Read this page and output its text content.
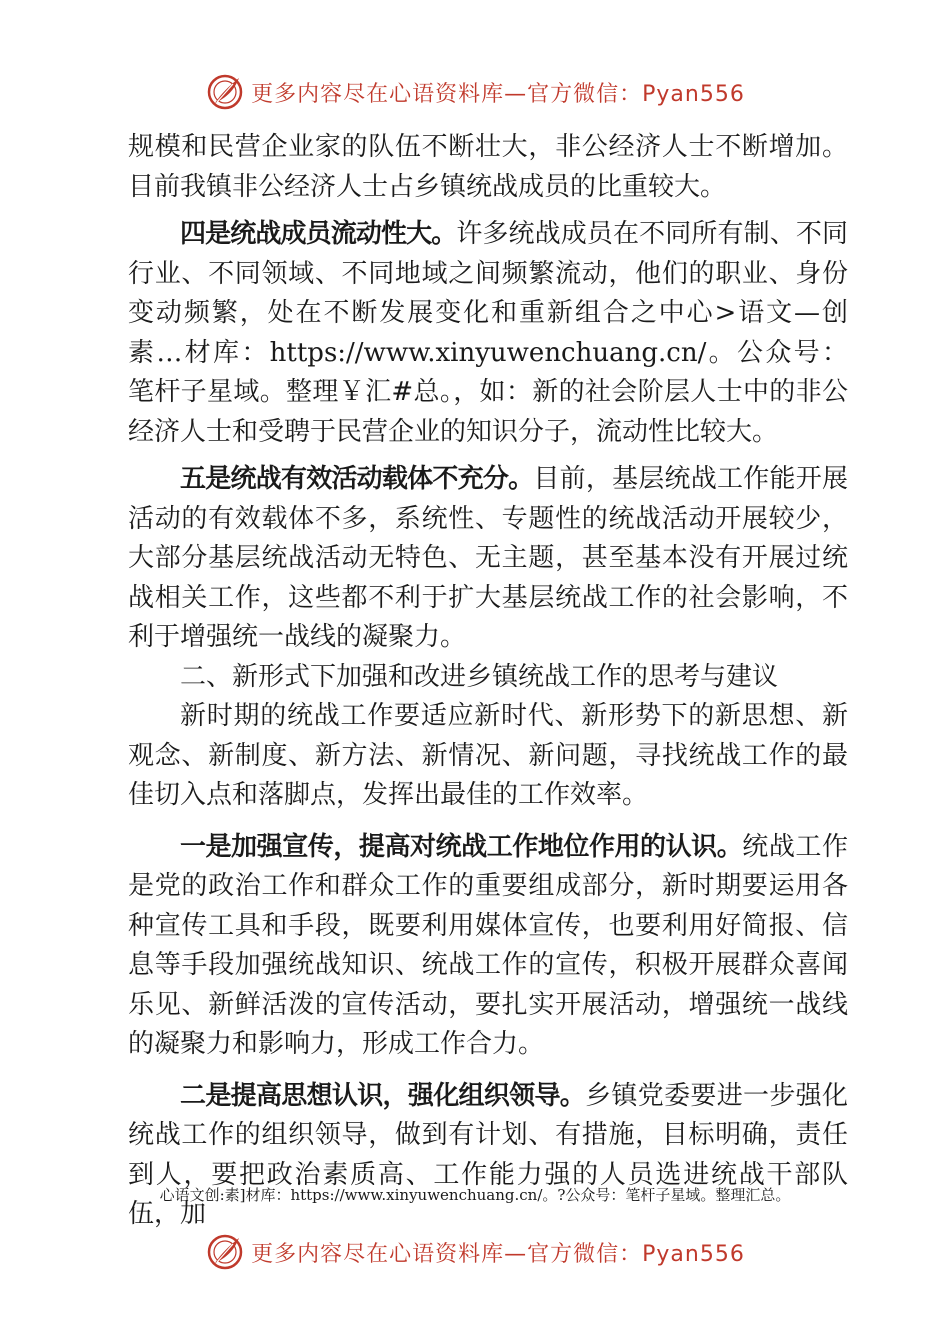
更多内容尽在心语资料库—官方微信：Pyan556

规模和民营企业家的队伍不断壮大，非公经济人士不断增加。目前我镇非公经济人士占乡镇统战成员的比重较大。

四是统战成员流动性大。许多统战成员在不同所有制、不同行业、不同领域、不同地域之间频繁流动，他们的职业、身份变动频繁，处在不断发展变化和重新组合之中心>语文—创素…材库：https://www.xinyuwenchuang.cn/。公众号：笔杆子星域。整理￥汇#总。，如：新的社会阶层人士中的非公经济人士和受聘于民营企业的知识分子，流动性比较大。

五是统战有效活动载体不充分。目前，基层统战工作能开展活动的有效载体不多，系统性、专题性的统战活动开展较少，大部分基层统战活动无特色、无主题，甚至基本没有开展过统战相关工作，这些都不利于扩大基层统战工作的社会影响，不利于增强统一战线的凝聚力。

二、新形式下加强和改进乡镇统战工作的思考与建议

新时期的统战工作要适应新时代、新形势下的新思想、新观念、新制度、新方法、新情况、新问题，寻找统战工作的最佳切入点和落脚点，发挥出最佳的工作效率。

一是加强宣传，提高对统战工作地位作用的认识。统战工作是党的政治工作和群众工作的重要组成部分，新时期要运用各种宣传工具和手段，既要利用媒体宣传，也要利用好简报、信息等手段加强统战知识、统战工作的宣传，积极开展群众喜闻乐见、新鲜活泼的宣传活动，要扎实开展活动，增强统一战线的凝聚力和影响力，形成工作合力。

二是提高思想认识，强化组织领导。乡镇党委要进一步强化统战工作的组织领导，做到有计划、有措施，目标明确，责任到人，要把政治素质高、工作能力强的人员选进统战干部队伍，加

心语文创:素]材库：https://www.xinyuwenchuang.cn/。?公众号：笔杆子星域。整理汇总。
更多内容尽在心语资料库—官方微信：Pyan556
